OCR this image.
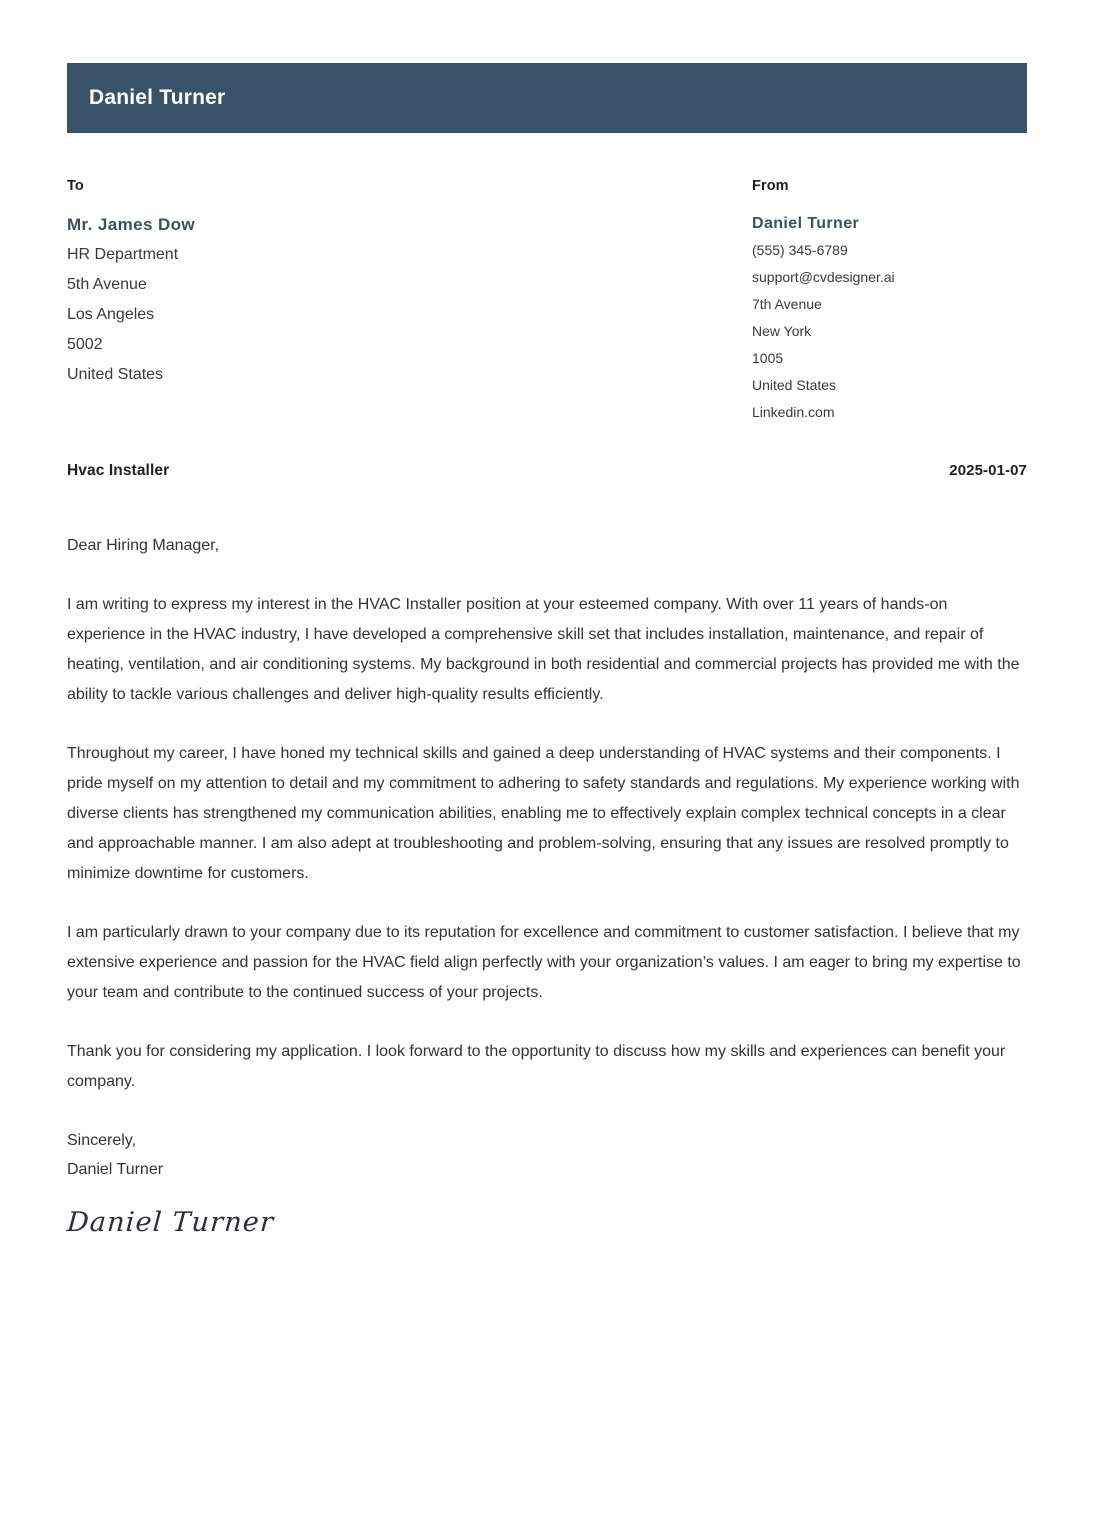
Daniel Turner
To
Mr. James Dow
HR Department
5th Avenue
Los Angeles
5002
United States
From
Daniel Turner
(555) 345-6789
support@cvdesigner.ai
7th Avenue
New York
1005
United States
Linkedin.com
Hvac Installer	2025-01-07

Dear Hiring Manager,

I am writing to express my interest in the HVAC Installer position at your esteemed company. With over 11 years of hands-on experience in the HVAC industry, I have developed a comprehensive skill set that includes installation, maintenance, and repair of heating, ventilation, and air conditioning systems. My background in both residential and commercial projects has provided me with the ability to tackle various challenges and deliver high-quality results efficiently.

Throughout my career, I have honed my technical skills and gained a deep understanding of HVAC systems and their components. I pride myself on my attention to detail and my commitment to adhering to safety standards and regulations. My experience working with diverse clients has strengthened my communication abilities, enabling me to effectively explain complex technical concepts in a clear and approachable manner. I am also adept at troubleshooting and problem-solving, ensuring that any issues are resolved promptly to minimize downtime for customers.

I am particularly drawn to your company due to its reputation for excellence and commitment to customer satisfaction. I believe that my extensive experience and passion for the HVAC field align perfectly with your organization’s values. I am eager to bring my expertise to your team and contribute to the continued success of your projects.

Thank you for considering my application. I look forward to the opportunity to discuss how my skills and experiences can benefit your company.

Sincerely,
Daniel Turner
Daniel Turner
